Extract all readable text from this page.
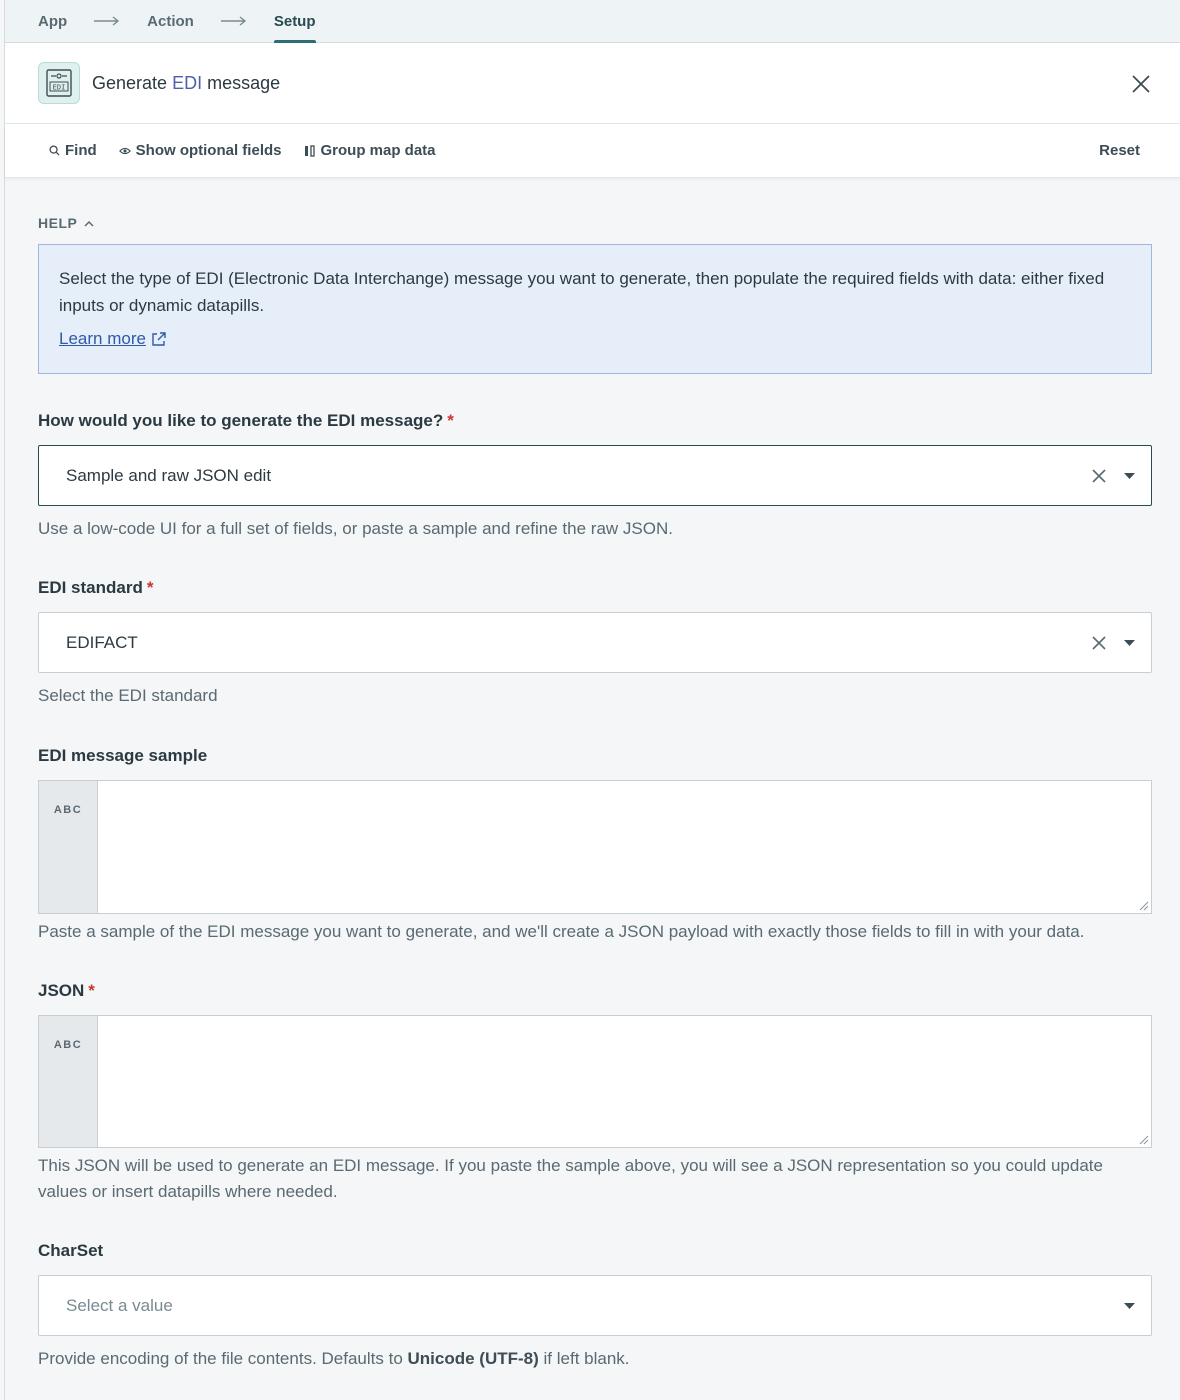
App	Action	Setup
EDI Generate EDI message
Find	Show optional fields	Group map data	Reset
HELP
Select the type of EDI (Electronic Data Interchange) message you want to generate, then populate the required fields with data: either fixed inputs or dynamic datapills.
Learn more
How would you like to generate the EDI message? *
Sample and raw JSON edit
Use a low-code UI for a full set of fields, or paste a sample and refine the raw JSON.
EDI standard *
EDIFACT
Select the EDI standard
EDI message sample
ABC
Paste a sample of the EDI message you want to generate, and we'll create a JSON payload with exactly those fields to fill in with your data.
JSON *
ABC
This JSON will be used to generate an EDI message. If you paste the sample above, you will see a JSON representation so you could update values or insert datapills where needed.
CharSet
Select a value
Provide encoding of the file contents. Defaults to Unicode (UTF-8) if left blank.
